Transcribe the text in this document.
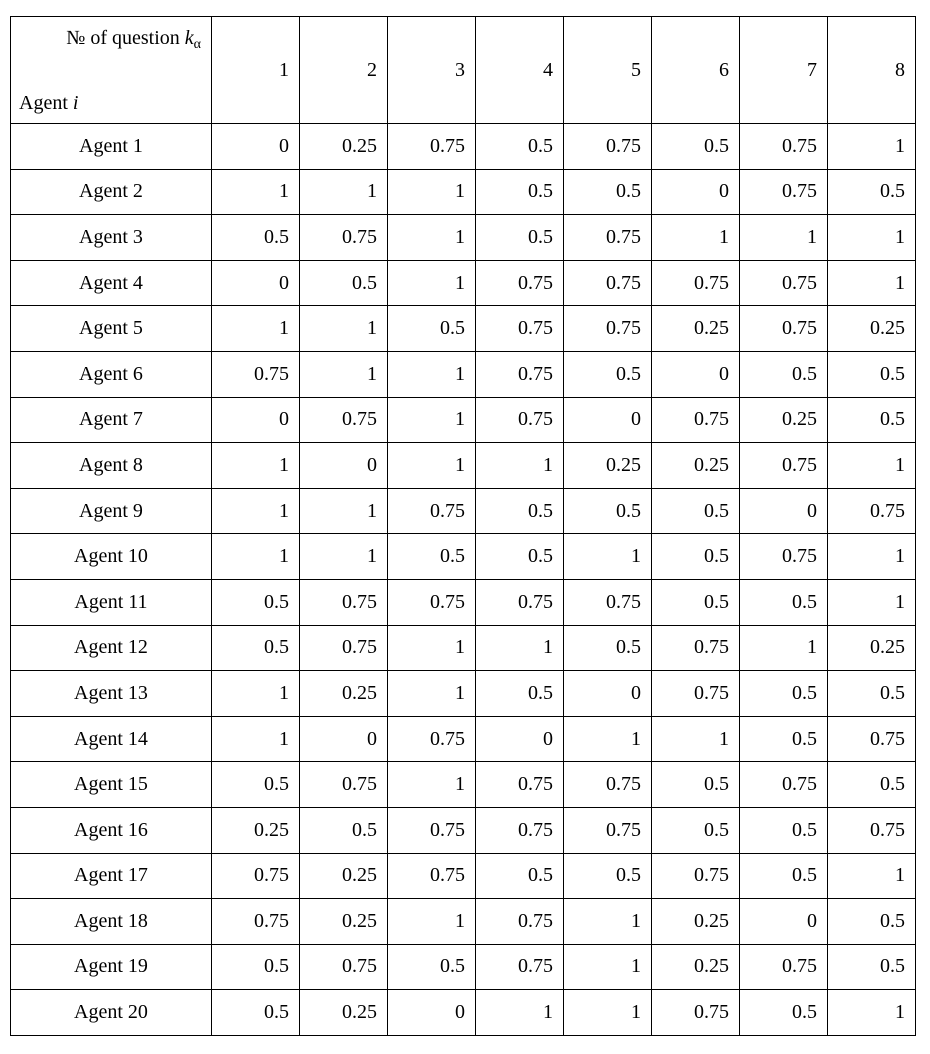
№ of question $k_\alpha$
Agent i	1	2	3	4	5	6	7	8
Agent 1	0	0.25	0.75	0.5	0.75	0.5	0.75	1
Agent 2	1	1	1	0.5	0.5	0	0.75	0.5
Agent 3	0.5	0.75	1	0.5	0.75	1	1	1
Agent 4	0	0.5	1	0.75	0.75	0.75	0.75	1
Agent 5	1	1	0.5	0.75	0.75	0.25	0.75	0.25
Agent 6	0.75	1	1	0.75	0.5	0	0.5	0.5
Agent 7	0	0.75	1	0.75	0	0.75	0.25	0.5
Agent 8	1	0	1	1	0.25	0.25	0.75	1
Agent 9	1	1	0.75	0.5	0.5	0.5	0	0.75
Agent 10	1	1	0.5	0.5	1	0.5	0.75	1
Agent 11	0.5	0.75	0.75	0.75	0.75	0.5	0.5	1
Agent 12	0.5	0.75	1	1	0.5	0.75	1	0.25
Agent 13	1	0.25	1	0.5	0	0.75	0.5	0.5
Agent 14	1	0	0.75	0	1	1	0.5	0.75
Agent 15	0.5	0.75	1	0.75	0.75	0.5	0.75	0.5
Agent 16	0.25	0.5	0.75	0.75	0.75	0.5	0.5	0.75
Agent 17	0.75	0.25	0.75	0.5	0.5	0.75	0.5	1
Agent 18	0.75	0.25	1	0.75	1	0.25	0	0.5
Agent 19	0.5	0.75	0.5	0.75	1	0.25	0.75	0.5
Agent 20	0.5	0.25	0	1	1	0.75	0.5	1
